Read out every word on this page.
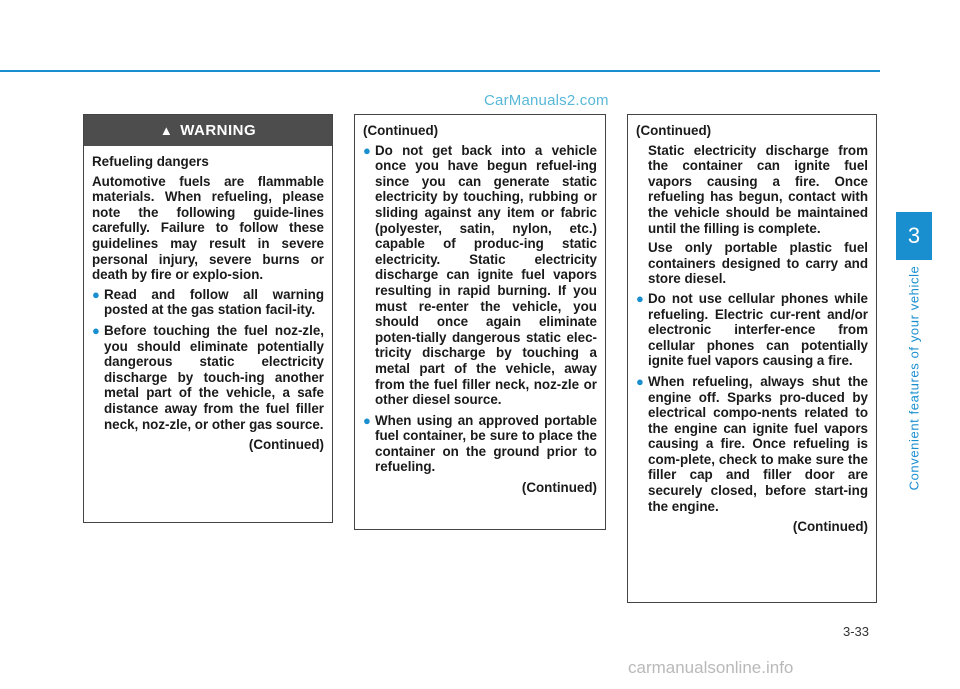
CarManuals2.com
▲ WARNING

Refueling dangers

Automotive fuels are flammable materials. When refueling, please note the following guide-lines carefully. Failure to follow these guidelines may result in severe personal injury, severe burns or death by fire or explo-sion.

● Read and follow all warning posted at the gas station facil-ity.
● Before touching the fuel noz-zle, you should eliminate potentially dangerous static electricity discharge by touch-ing another metal part of the vehicle, a safe distance away from the fuel filler neck, noz-zle, or other gas source.

(Continued)

(Continued)

● Do not get back into a vehicle once you have begun refuel-ing since you can generate static electricity by touching, rubbing or sliding against any item or fabric (polyester, satin, nylon, etc.) capable of produc-ing static electricity. Static electricity discharge can ignite fuel vapors resulting in rapid burning. If you must re-enter the vehicle, you should once again eliminate poten-tially dangerous static elec-tricity discharge by touching a metal part of the vehicle, away from the fuel filler neck, noz-zle or other diesel source.
● When using an approved portable fuel container, be sure to place the container on the ground prior to refueling.

(Continued)

(Continued)

Static electricity discharge from the container can ignite fuel vapors causing a fire. Once refueling has begun, contact with the vehicle should be maintained until the filling is complete.

Use only portable plastic fuel containers designed to carry and store diesel.

● Do not use cellular phones while refueling. Electric cur-rent and/or electronic interfer-ence from cellular phones can potentially ignite fuel vapors causing a fire.
● When refueling, always shut the engine off. Sparks pro-duced by electrical compo-nents related to the engine can ignite fuel vapors causing a fire. Once refueling is com-plete, check to make sure the filler cap and filler door are securely closed, before start-ing the engine.

(Continued)

3
Convenient features of your vehicle
3-33
carmanualsonline.info
